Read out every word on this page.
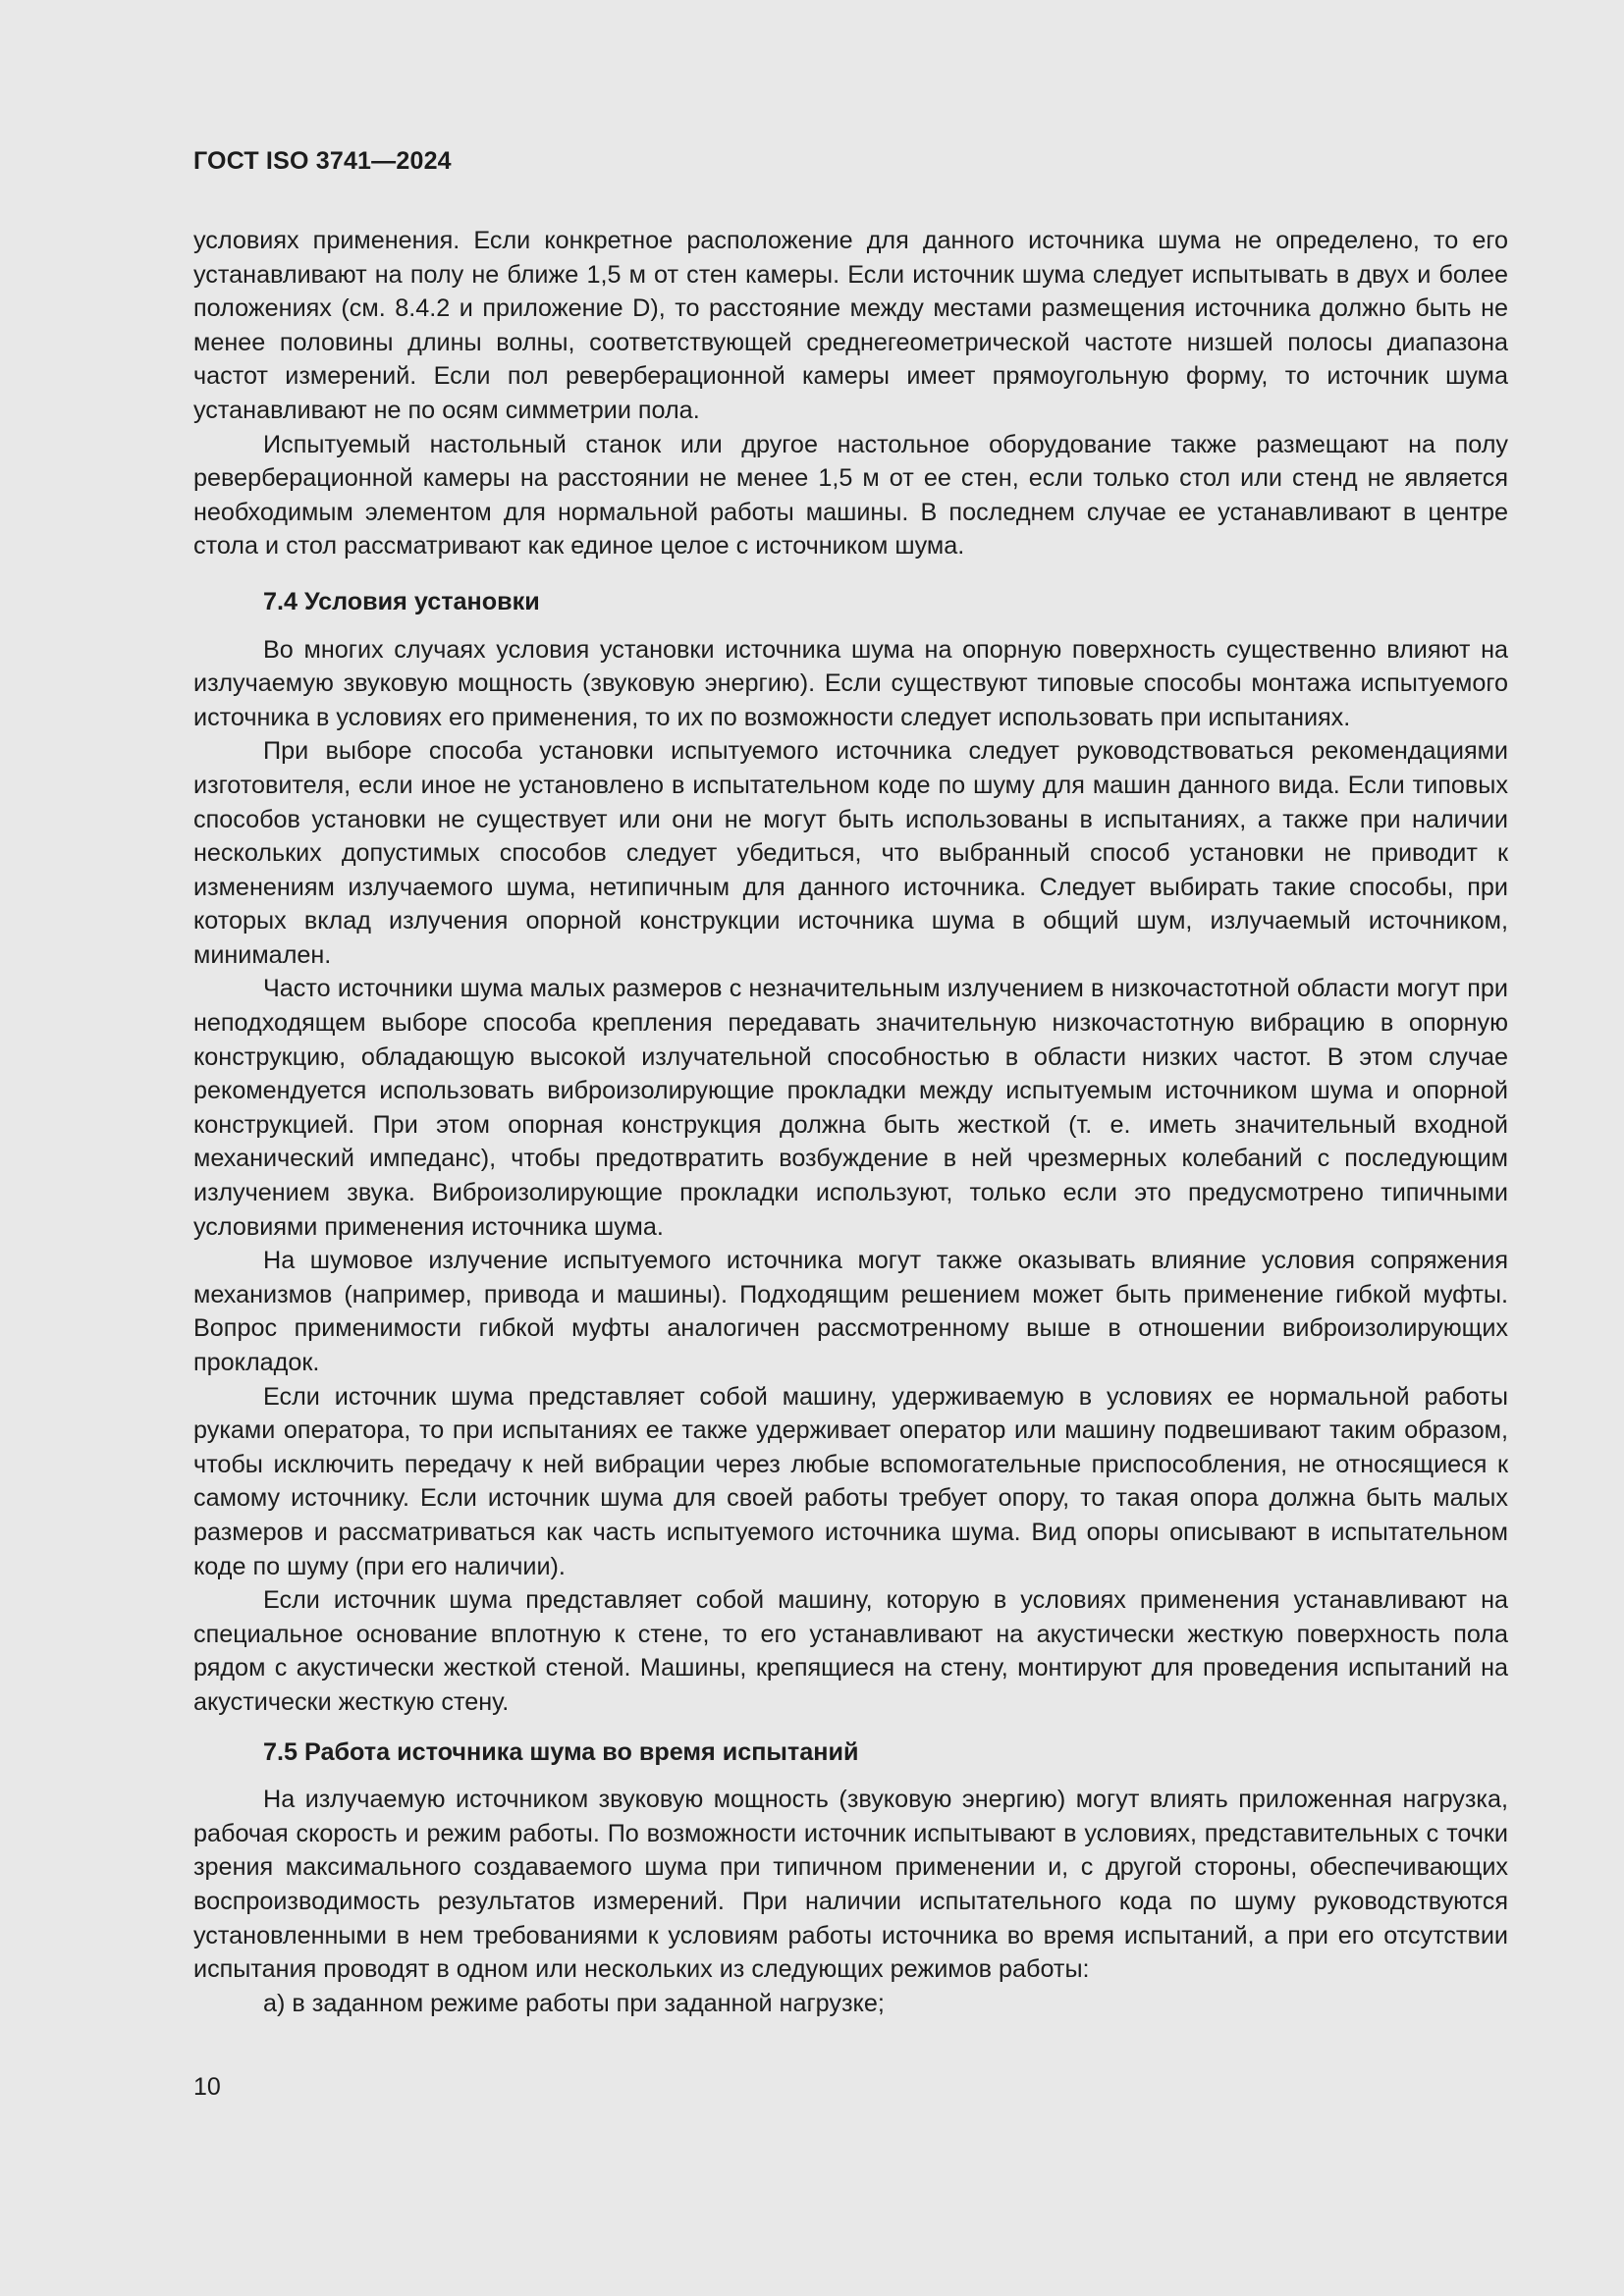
ГОСТ ISO 3741—2024

условиях применения. Если конкретное расположение для данного источника шума не определено, то его устанавливают на полу не ближе 1,5 м от стен камеры. Если источник шума следует испытывать в двух и более положениях (см. 8.4.2 и приложение D), то расстояние между местами размещения источника должно быть не менее половины длины волны, соответствующей среднегеометрической частоте низшей полосы диапазона частот измерений. Если пол реверберационной камеры имеет прямоугольную форму, то источник шума устанавливают не по осям симметрии пола.

Испытуемый настольный станок или другое настольное оборудование также размещают на полу реверберационной камеры на расстоянии не менее 1,5 м от ее стен, если только стол или стенд не является необходимым элементом для нормальной работы машины. В последнем случае ее устанавливают в центре стола и стол рассматривают как единое целое с источником шума.

7.4 Условия установки

Во многих случаях условия установки источника шума на опорную поверхность существенно влияют на излучаемую звуковую мощность (звуковую энергию). Если существуют типовые способы монтажа испытуемого источника в условиях его применения, то их по возможности следует использовать при испытаниях.

При выборе способа установки испытуемого источника следует руководствоваться рекомендациями изготовителя, если иное не установлено в испытательном коде по шуму для машин данного вида. Если типовых способов установки не существует или они не могут быть использованы в испытаниях, а также при наличии нескольких допустимых способов следует убедиться, что выбранный способ установки не приводит к изменениям излучаемого шума, нетипичным для данного источника. Следует выбирать такие способы, при которых вклад излучения опорной конструкции источника шума в общий шум, излучаемый источником, минимален.

Часто источники шума малых размеров с незначительным излучением в низкочастотной области могут при неподходящем выборе способа крепления передавать значительную низкочастотную вибрацию в опорную конструкцию, обладающую высокой излучательной способностью в области низких частот. В этом случае рекомендуется использовать виброизолирующие прокладки между испытуемым источником шума и опорной конструкцией. При этом опорная конструкция должна быть жесткой (т. е. иметь значительный входной механический импеданс), чтобы предотвратить возбуждение в ней чрезмерных колебаний с последующим излучением звука. Виброизолирующие прокладки используют, только если это предусмотрено типичными условиями применения источника шума.

На шумовое излучение испытуемого источника могут также оказывать влияние условия сопряжения механизмов (например, привода и машины). Подходящим решением может быть применение гибкой муфты. Вопрос применимости гибкой муфты аналогичен рассмотренному выше в отношении виброизолирующих прокладок.

Если источник шума представляет собой машину, удерживаемую в условиях ее нормальной работы руками оператора, то при испытаниях ее также удерживает оператор или машину подвешивают таким образом, чтобы исключить передачу к ней вибрации через любые вспомогательные приспособления, не относящиеся к самому источнику. Если источник шума для своей работы требует опору, то такая опора должна быть малых размеров и рассматриваться как часть испытуемого источника шума. Вид опоры описывают в испытательном коде по шуму (при его наличии).

Если источник шума представляет собой машину, которую в условиях применения устанавливают на специальное основание вплотную к стене, то его устанавливают на акустически жесткую поверхность пола рядом с акустически жесткой стеной. Машины, крепящиеся на стену, монтируют для проведения испытаний на акустически жесткую стену.

7.5 Работа источника шума во время испытаний

На излучаемую источником звуковую мощность (звуковую энергию) могут влиять приложенная нагрузка, рабочая скорость и режим работы. По возможности источник испытывают в условиях, представительных с точки зрения максимального создаваемого шума при типичном применении и, с другой стороны, обеспечивающих воспроизводимость результатов измерений. При наличии испытательного кода по шуму руководствуются установленными в нем требованиями к условиям работы источника во время испытаний, а при его отсутствии испытания проводят в одном или нескольких из следующих режимов работы:

a) в заданном режиме работы при заданной нагрузке;

10
